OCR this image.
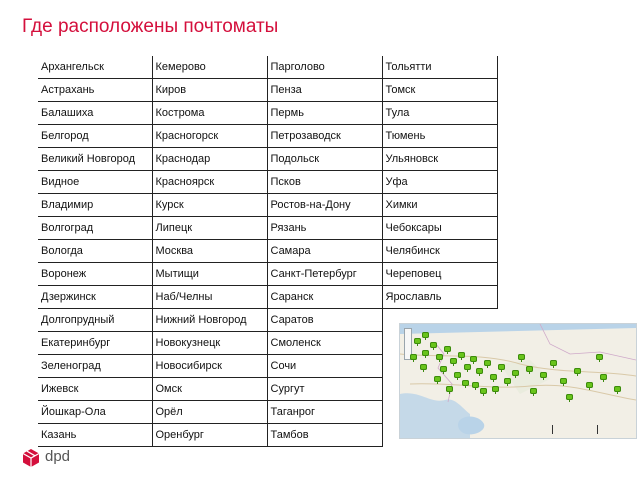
Где расположены почтоматы
Архангельск	Кемерово	Парголово	Тольятти
Астрахань	Киров	Пенза	Томск
Балашиха	Кострома	Пермь	Тула
Белгород	Красногорск	Петрозаводск	Тюмень
Великий Новгород	Краснодар	Подольск	Ульяновск
Видное	Красноярск	Псков	Уфа
Владимир	Курск	Ростов-на-Дону	Химки
Волгоград	Липецк	Рязань	Чебоксары
Вологда	Москва	Самара	Челябинск
Воронеж	Мытищи	Санкт-Петербург	Череповец
Дзержинск	Наб/Челны	Саранск	Ярославль
Долгопрудный	Нижний Новгород	Саратов	
Екатеринбург	Новокузнецк	Смоленск	
Зеленоград	Новосибирск	Сочи	
Ижевск	Омск	Сургут	
Йошкар-Ола	Орёл	Таганрог	
Казань	Оренбург	Тамбов	
dpd
